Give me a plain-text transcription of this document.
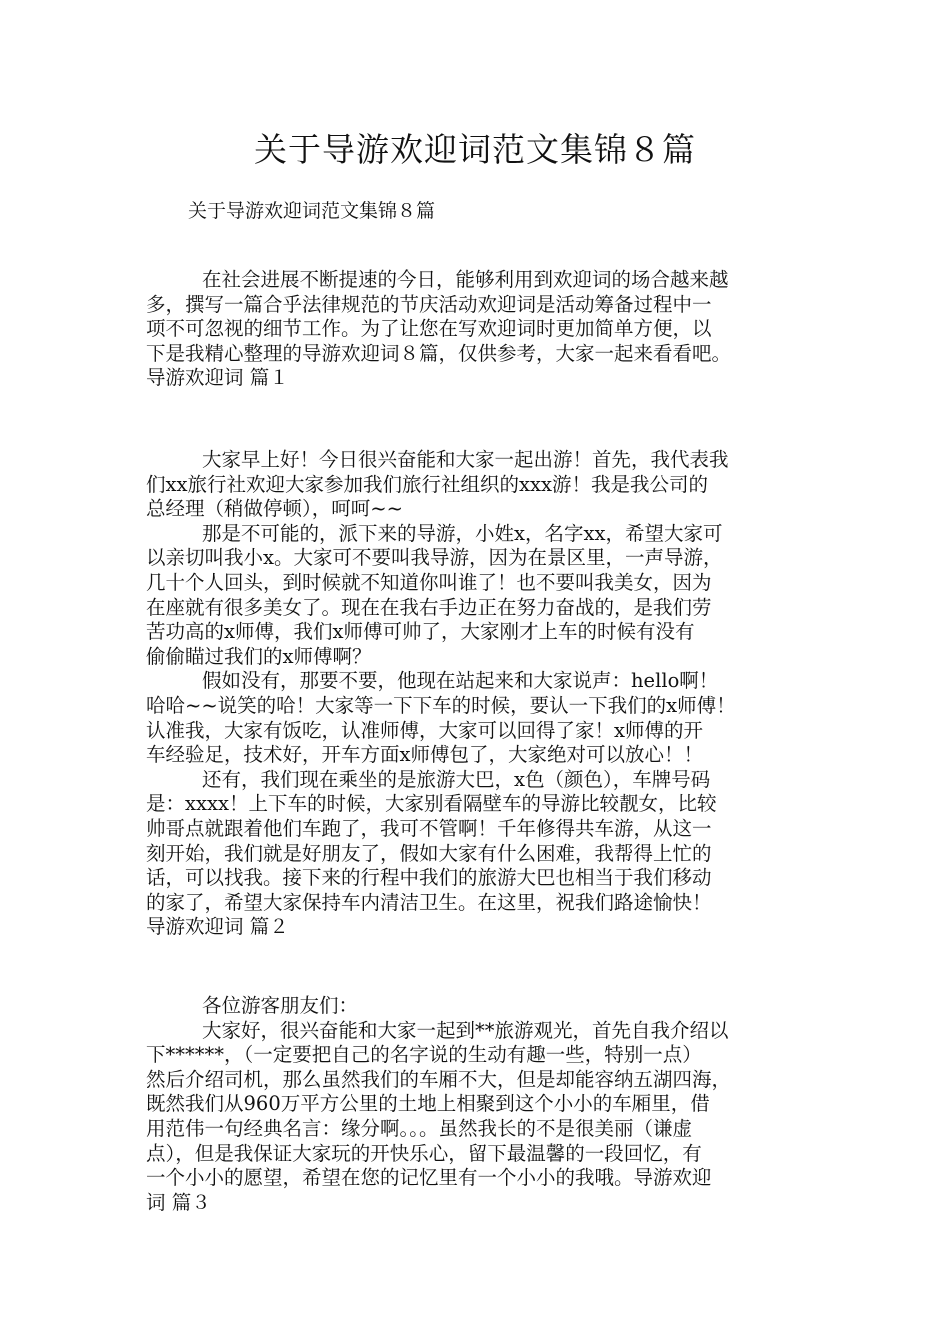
关于导游欢迎词范文集锦８篇
关于导游欢迎词范文集锦８篇
在社会进展不断提速的今日，能够利用到欢迎词的场合越来越
多，撰写一篇合乎法律规范的节庆活动欢迎词是活动筹备过程中一
项不可忽视的细节工作。为了让您在写欢迎词时更加简单方便，以
下是我精心整理的导游欢迎词８篇，仅供参考，大家一起来看看吧。
导游欢迎词 篇１
大家早上好！今日很兴奋能和大家一起出游！首先，我代表我
们xx旅行社欢迎大家参加我们旅行社组织的xxx游！我是我公司的
总经理（稍做停顿），呵呵~~
那是不可能的，派下来的导游，小姓x，名字xx，希望大家可
以亲切叫我小x。大家可不要叫我导游，因为在景区里，一声导游，
几十个人回头，到时候就不知道你叫谁了！也不要叫我美女，因为
在座就有很多美女了。现在在我右手边正在努力奋战的，是我们劳
苦功高的x师傅，我们x师傅可帅了，大家刚才上车的时候有没有
偷偷瞄过我们的x师傅啊？
假如没有，那要不要，他现在站起来和大家说声：hello啊！
哈哈~~说笑的哈！大家等一下下车的时候，要认一下我们的x师傅！
认准我，大家有饭吃，认准师傅，大家可以回得了家！x师傅的开
车经验足，技术好，开车方面x师傅包了，大家绝对可以放心！！
还有，我们现在乘坐的是旅游大巴，x色（颜色），车牌号码
是：xxxx！上下车的时候，大家别看隔壁车的导游比较靓女，比较
帅哥点就跟着他们车跑了，我可不管啊！千年修得共车游，从这一
刻开始，我们就是好朋友了，假如大家有什么困难，我帮得上忙的
话，可以找我。接下来的行程中我们的旅游大巴也相当于我们移动
的家了，希望大家保持车内清洁卫生。在这里，祝我们路途愉快！
导游欢迎词 篇２
各位游客朋友们：
大家好，很兴奋能和大家一起到**旅游观光，首先自我介绍以
下******，（一定要把自己的名字说的生动有趣一些，特别一点）
然后介绍司机，那么虽然我们的车厢不大，但是却能容纳五湖四海，
既然我们从960万平方公里的土地上相聚到这个小小的车厢里，借
用范伟一句经典名言：缘分啊。。。虽然我长的不是很美丽（谦虚
点），但是我保证大家玩的开快乐心，留下最温馨的一段回忆，有
一个小小的愿望，希望在您的记忆里有一个小小的我哦。导游欢迎
词 篇３
